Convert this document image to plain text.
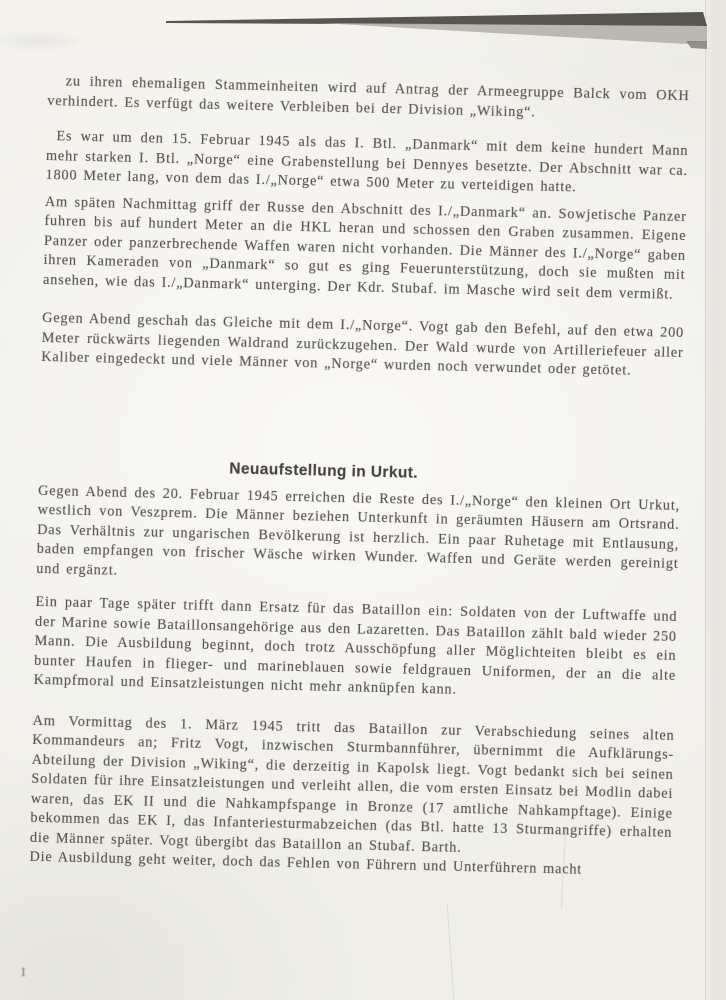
zu ihren ehemaligen Stammeinheiten wird auf Antrag der Armeegruppe Balck vom OKH verhindert. Es verfügt das weitere Verbleiben bei der Division „Wiking“.
Es war um den 15. Februar 1945 als das I. Btl. „Danmark“ mit dem keine hundert Mann mehr starken I. Btl. „Norge“ eine Grabenstellung bei Dennyes besetzte. Der Abschnitt war ca. 1800 Meter lang, von dem das I./„Norge“ etwa 500 Meter zu verteidigen hatte.
Am späten Nachmittag griff der Russe den Abschnitt des I./„Danmark“ an. Sowjetische Panzer fuhren bis auf hundert Meter an die HKL heran und schossen den Graben zusammen. Eigene Panzer oder panzerbrechende Waffen waren nicht vorhanden. Die Männer des I./„Norge“ gaben ihren Kameraden von „Danmark“ so gut es ging Feuerunterstützung, doch sie mußten mit ansehen, wie das I./„Danmark“ unterging. Der Kdr. Stubaf. im Masche wird seit dem vermißt.
Gegen Abend geschah das Gleiche mit dem I./„Norge“. Vogt gab den Befehl, auf den etwa 200 Meter rückwärts liegenden Waldrand zurückzugehen. Der Wald wurde von Artilleriefeuer aller Kaliber eingedeckt und viele Männer von „Norge“ wurden noch verwundet oder getötet.
Neuaufstellung in Urkut.
Gegen Abend des 20. Februar 1945 erreichen die Reste des I./„Norge“ den kleinen Ort Urkut, westlich von Veszprem. Die Männer beziehen Unterkunft in geräumten Häusern am Ortsrand. Das Verhältnis zur ungarischen Bevölkerung ist herzlich. Ein paar Ruhetage mit Entlausung, baden empfangen von frischer Wäsche wirken Wunder. Waffen und Geräte werden gereinigt und ergänzt.
Ein paar Tage später trifft dann Ersatz für das Bataillon ein: Soldaten von der Luftwaffe und der Marine sowie Bataillonsangehörige aus den Lazaretten. Das Bataillon zählt bald wieder 250 Mann. Die Ausbildung beginnt, doch trotz Ausschöpfung aller Möglichteiten bleibt es ein bunter Haufen in flieger- und marineblauen sowie feldgrauen Uniformen, der an die alte Kampfmoral und Einsatzleistungen nicht mehr anknüpfen kann.
Am Vormittag des 1. März 1945 tritt das Bataillon zur Verabschiedung seines alten Kommandeurs an; Fritz Vogt, inzwischen Sturmbannführer, übernimmt die Aufklärungs-Abteilung der Division „Wiking“, die derzeitig in Kapolsk liegt. Vogt bedankt sich bei seinen Soldaten für ihre Einsatzleistungen und verleiht allen, die vom ersten Einsatz bei Modlin dabei waren, das EK II und die Nahkampfspange in Bronze (17 amtliche Nahkampftage). Einige bekommen das EK I, das Infanteriesturmabzeichen (das Btl. hatte 13 Sturmangriffe) erhalten die Männer später. Vogt übergibt das Bataillon an Stubaf. Barth.
Die Ausbildung geht weiter, doch das Fehlen von Führern und Unterführern macht
1
